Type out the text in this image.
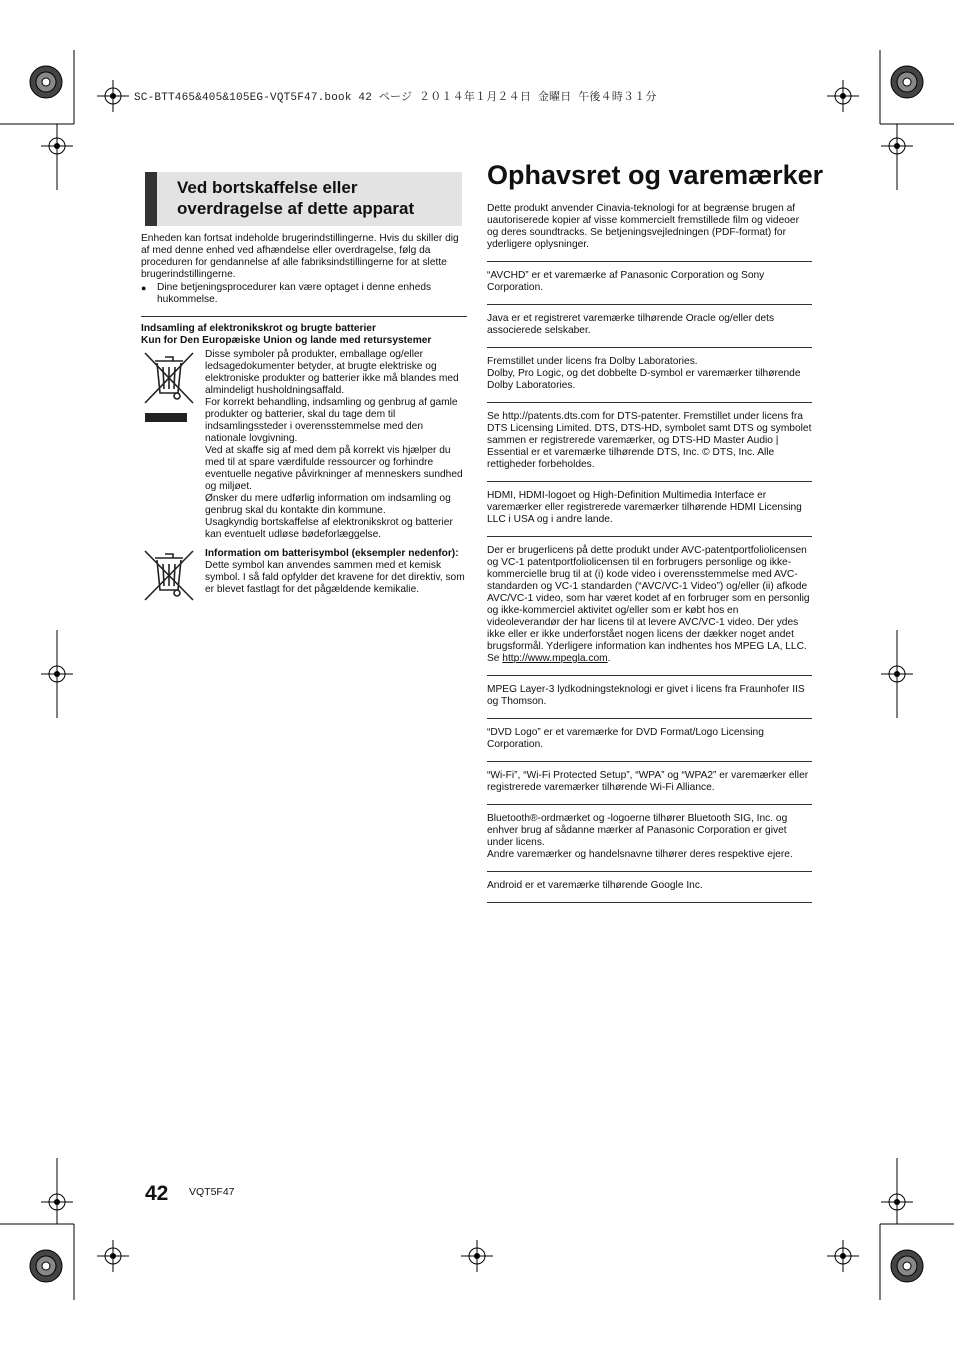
SC-BTT465&405&105EG-VQT5F47.book 42 ページ ２０１４年１月２４日 金曜日 午後４時３１分
Ved bortskaffelse eller
overdragelse af dette apparat

Enheden kan fortsat indeholde brugerindstillingerne. Hvis du skiller dig af med denne enhed ved afhændelse eller overdragelse, følg da proceduren for gendannelse af alle fabriksindstillingerne for at slette brugerindstillingerne.

●	Dine betjeningsprocedurer kan være optaget i denne enheds hukommelse.

Indsamling af elektronikskrot og brugte batterier

Kun for Den Europæiske Union og lande med retursystemer

Disse symboler på produkter, emballage og/eller ledsagedokumenter betyder, at brugte elektriske og elektroniske produkter og batterier ikke må blandes med almindeligt husholdningsaffald.

For korrekt behandling, indsamling og genbrug af gamle produkter og batterier, skal du tage dem til indsamlingssteder i overensstemmelse med den nationale lovgivning.

Ved at skaffe sig af med dem på korrekt vis hjælper du med til at spare værdifulde ressourcer og forhindre eventuelle negative påvirkninger af menneskers sundhed og miljøet.

Ønsker du mere udførlig information om indsamling og genbrug skal du kontakte din kommune.

Usagkyndig bortskaffelse af elektronikskrot og batterier kan eventuelt udløse bødeforlæggelse.

Information om batterisymbol (eksempler nedenfor):

Dette symbol kan anvendes sammen med et kemisk symbol. I så fald opfylder det kravene for det direktiv, som er blevet fastlagt for det pågældende kemikalie.

Ophavsret og varemærker

Dette produkt anvender Cinavia-teknologi for at begrænse brugen af uautoriserede kopier af visse kommercielt fremstillede film og videoer og deres soundtracks. Se betjeningsvejledningen (PDF-format) for yderligere oplysninger.

“AVCHD” er et varemærke af Panasonic Corporation og Sony Corporation.

Java er et registreret varemærke tilhørende Oracle og/eller dets associerede selskaber.

Fremstillet under licens fra Dolby Laboratories.

Dolby, Pro Logic, og det dobbelte D-symbol er varemærker tilhørende Dolby Laboratories.

Se http://patents.dts.com for DTS-patenter. Fremstillet under licens fra DTS Licensing Limited. DTS, DTS-HD, symbolet samt DTS og symbolet sammen er registrerede varemærker, og DTS-HD Master Audio | Essential er et varemærke tilhørende DTS, Inc. © DTS, Inc. Alle rettigheder forbeholdes.

HDMI, HDMI-logoet og High-Definition Multimedia Interface er varemærker eller registrerede varemærker tilhørende HDMI Licensing LLC i USA og i andre lande.

Der er brugerlicens på dette produkt under AVC-patentportfoliolicensen og VC-1 patentportfoliolicensen til en forbrugers personlige og ikke-kommercielle brug til at (i) kode video i overensstemmelse med AVC-standarden og VC-1 standarden (“AVC/VC-1 Video”) og/eller (ii) afkode AVC/VC-1 video, som har været kodet af en forbruger som en personlig og ikke-kommerciel aktivitet og/eller som er købt hos en videoleverandør der har licens til at levere AVC/VC-1 video. Der ydes ikke eller er ikke underforstået nogen licens der dækker noget andet brugsformål. Yderligere information kan indhentes hos MPEG LA, LLC.

Se http://www.mpegla.com.

MPEG Layer-3 lydkodningsteknologi er givet i licens fra Fraunhofer IIS og Thomson.

“DVD Logo” er et varemærke for DVD Format/Logo Licensing Corporation.

“Wi-Fi”, “Wi-Fi Protected Setup”, “WPA” og “WPA2” er varemærker eller registrerede varemærker tilhørende Wi-Fi Alliance.

Bluetooth®-ordmærket og -logoerne tilhører Bluetooth SIG, Inc. og enhver brug af sådanne mærker af Panasonic Corporation er givet under licens.

Andre varemærker og handelsnavne tilhører deres respektive ejere.

Android er et varemærke tilhørende Google Inc.

42 VQT5F47
